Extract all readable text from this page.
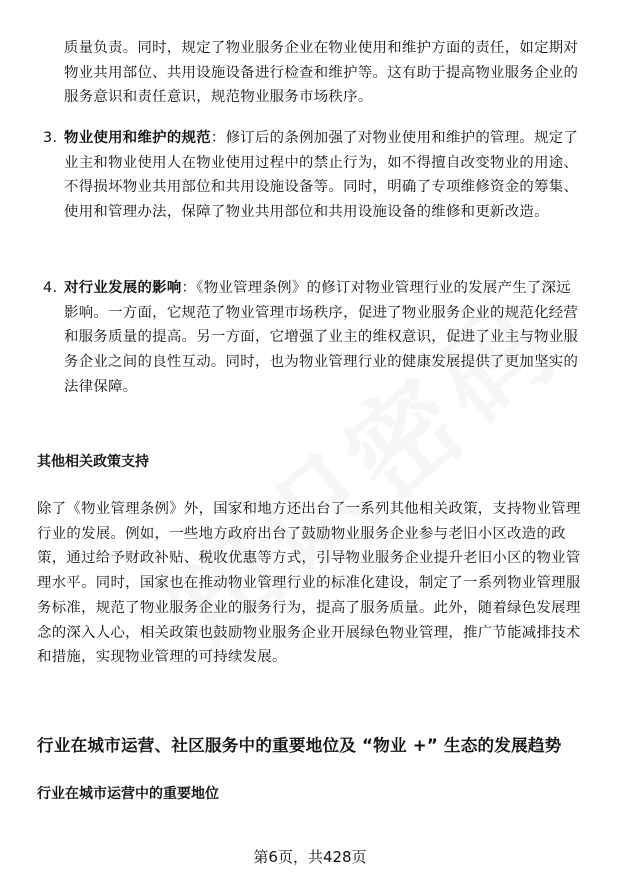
质量负责。同时，规定了物业服务企业在物业使用和维护方面的责任，如定期对物业共用部位、共用设施设备进行检查和维护等。这有助于提高物业服务企业的服务意识和责任意识，规范物业服务市场秩序。
3. 物业使用和维护的规范：修订后的条例加强了对物业使用和维护的管理。规定了业主和物业使用人在物业使用过程中的禁止行为，如不得擅自改变物业的用途、不得损坏物业共用部位和共用设施设备等。同时，明确了专项维修资金的筹集、使用和管理办法，保障了物业共用部位和共用设施设备的维修和更新改造。
4. 对行业发展的影响：《物业管理条例》的修订对物业管理行业的发展产生了深远影响。一方面，它规范了物业管理市场秩序，促进了物业服务企业的规范化经营和服务质量的提高。另一方面，它增强了业主的维权意识，促进了业主与物业服务企业之间的良性互动。同时，也为物业管理行业的健康发展提供了更加坚实的法律保障。
其他相关政策支持
除了《物业管理条例》外，国家和地方还出台了一系列其他相关政策，支持物业管理行业的发展。例如，一些地方政府出台了鼓励物业服务企业参与老旧小区改造的政策，通过给予财政补贴、税收优惠等方式，引导物业服务企业提升老旧小区的物业管理水平。同时，国家也在推动物业管理行业的标准化建设，制定了一系列物业管理服务标准，规范了物业服务企业的服务行为，提高了服务质量。此外，随着绿色发展理念的深入人心，相关政策也鼓励物业服务企业开展绿色物业管理，推广节能减排技术和措施，实现物业管理的可持续发展。
行业在城市运营、社区服务中的重要地位及 “物业 +” 生态的发展趋势
行业在城市运营中的重要地位
第6页，共428页
